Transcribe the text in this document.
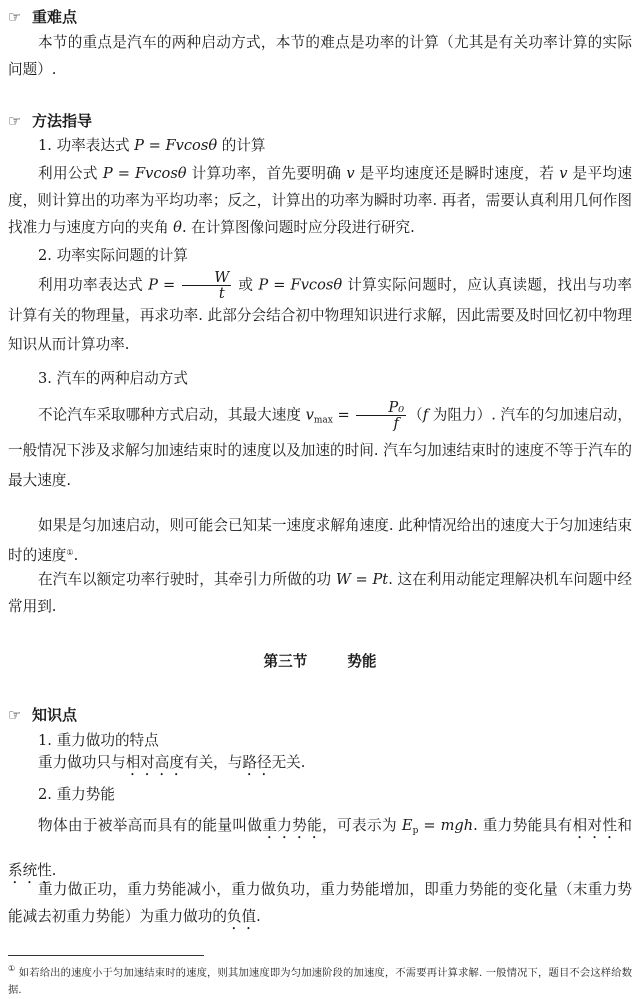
☞ 重难点
本节的重点是汽车的两种启动方式，本节的难点是功率的计算（尤其是有关功率计算的实际问题）.
☞ 方法指导
1. 功率表达式 P = Fvcosθ 的计算
利用公式 P = Fvcosθ 计算功率，首先要明确 v 是平均速度还是瞬时速度，若 v 是平均速度，则计算出的功率为平均功率；反之，计算出的功率为瞬时功率. 再者，需要认真利用几何作图找准力与速度方向的夹角 θ. 在计算图像问题时应分段进行研究.
2. 功率实际问题的计算
利用功率表达式 $P = \frac{W}{t}$ 或 P = Fvcosθ 计算实际问题时，应认真读题，找出与功率计算有关的物理量，再求功率. 此部分会结合初中物理知识进行求解，因此需要及时回忆初中物理知识从而计算功率.
3. 汽车的两种启动方式
不论汽车采取哪种方式启动，其最大速度 $v_{max} = \frac{\text{P₀}}{f} (f$ 为阻力）. 汽车的匀加速启动，一般情况下涉及求解匀加速结束时的速度以及加速的时间. 汽车匀加速结束时的速度不等于汽车的最大速度.
如果是匀加速启动，则可能会已知某一速度求解角速度. 此种情况给出的速度大于匀加速结束时的速度①.
在汽车以额定功率行驶时，其牵引力所做的功 W = Pt. 这在利用动能定理解决机车问题中经常用到.
第三节	势能
☞ 知识点
1. 重力做功的特点
重力做功只与相对高度有关，与路径无关.
2. 重力势能
物体由于被举高而具有的能量叫做重力势能，可表示为 $E_p$ = mgh. 重力势能具有相对性和系统性.
重力做正功，重力势能减小，重力做负功，重力势能增加，即重力势能的变化量（末重力势能减去初重力势能）为重力做功的负值.
① 如若给出的速度小于匀加速结束时的速度，则其加速度即为匀加速阶段的加速度，不需要再计算求解. 一般情况下，题目不会这样给数据.
